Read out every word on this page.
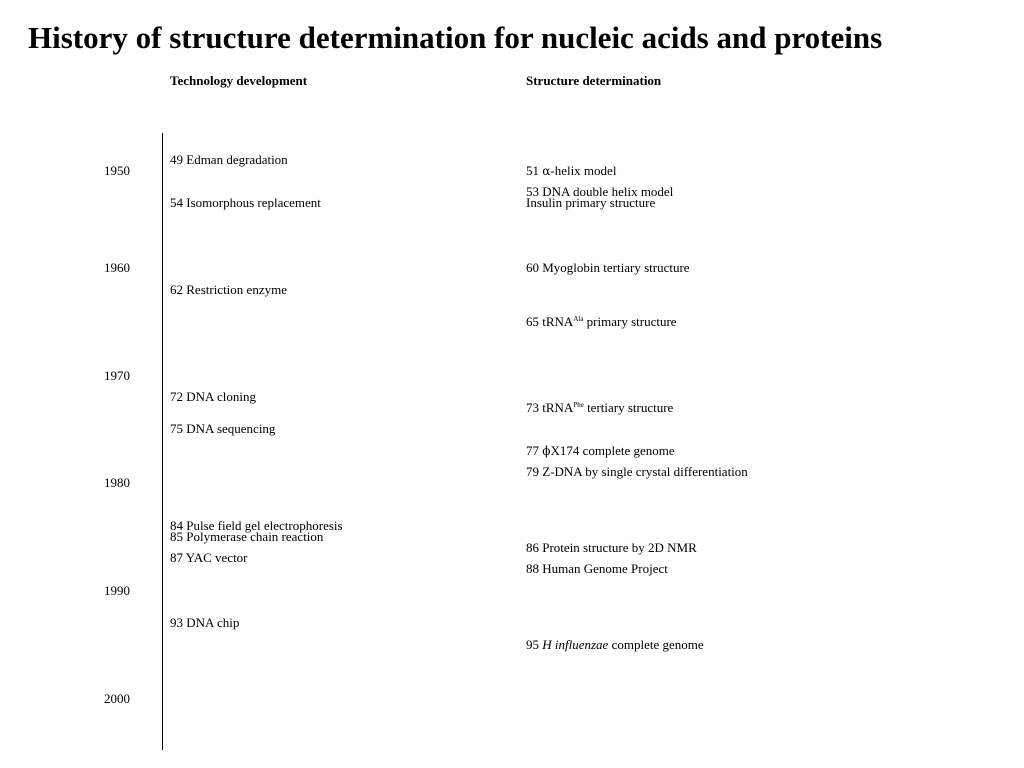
History of structure determination for nucleic acids and proteins
Technology development	Structure determination
1950
1960
1970
1980
1990
2000
49 Edman degradation
54 Isomorphous replacement
62 Restriction enzyme
72 DNA cloning
75 DNA sequencing
84 Pulse field gel electrophoresis
85 Polymerase chain reaction
87 YAC vector
93 DNA chip
51 α-helix model
53 DNA double helix model
Insulin primary structure
60 Myoglobin tertiary structure
65 tRNA$^{Ala}$ primary structure
73 tRNA$^{Phe}$ tertiary structure
77 ϕX174 complete genome
79 Z-DNA by single crystal differentiation
86 Protein structure by 2D NMR
88 Human Genome Project
95 H influenzae complete genome
